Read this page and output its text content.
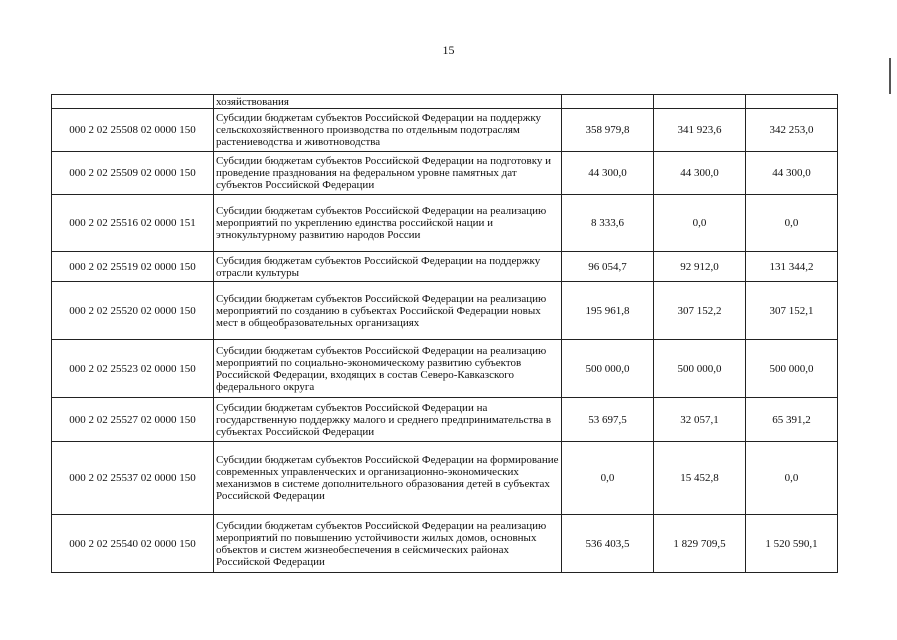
15
	хозяйствования			
000 2 02 25508 02 0000 150	Субсидии бюджетам субъектов Российской Федерации на поддержку сельскохозяйственного производства по отдельным подотраслям растениеводства и животноводства	358 979,8	341 923,6	342 253,0
000 2 02 25509 02 0000 150	Субсидии бюджетам субъектов Российской Федерации на подготовку и проведение празднования на федеральном уровне памятных дат субъектов Российской Федерации	44 300,0	44 300,0	44 300,0
000 2 02 25516 02 0000 151	Субсидии бюджетам субъектов Российской Федерации на реализацию мероприятий по укреплению единства российской нации и этнокультурному развитию народов России	8 333,6	0,0	0,0
000 2 02 25519 02 0000 150	Субсидия бюджетам субъектов Российской Федерации на поддержку отрасли культуры	96 054,7	92 912,0	131 344,2
000 2 02 25520 02 0000 150	Субсидии бюджетам субъектов Российской Федерации на реализацию мероприятий по созданию в субъектах Российской Федерации новых мест в общеобразовательных организациях	195 961,8	307 152,2	307 152,1
000 2 02 25523 02 0000 150	Субсидии бюджетам субъектов Российской Федерации на реализацию мероприятий по социально-экономическому развитию субъектов Российской Федерации, входящих в состав Северо-Кавказского федерального округа	500 000,0	500 000,0	500 000,0
000 2 02 25527 02 0000 150	Субсидии бюджетам субъектов Российской Федерации на государственную поддержку малого и среднего предпринимательства в субъектах Российской Федерации	53 697,5	32 057,1	65 391,2
000 2 02 25537 02 0000 150	Субсидии бюджетам субъектов Российской Федерации на формирование современных управленческих и организационно-экономических механизмов в системе дополнительного образования детей в субъектах Российской Федерации	0,0	15 452,8	0,0
000 2 02 25540 02 0000 150	Субсидии бюджетам субъектов Российской Федерации на реализацию мероприятий по повышению устойчивости жилых домов, основных объектов и систем жизнеобеспечения в сейсмических районах Российской Федерации	536 403,5	1 829 709,5	1 520 590,1
